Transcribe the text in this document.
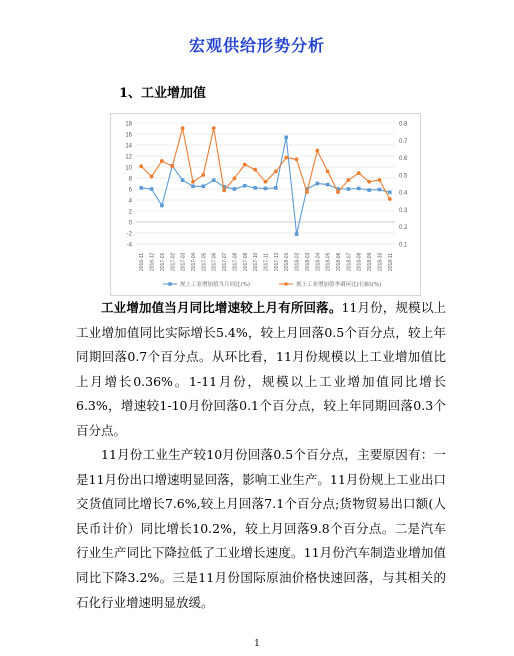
宏观供给形势分析
1、工业增加值
18
16
14
12
10
8
6
4
2
0
-2
-4
0.8
0.7
0.6
0.5
0.4
0.3
0.2
0.1
2016-11 2016-12 2017-01 2017-02 2017-03 2017-04 2017-05 2017-06 2017-07 2017-08 2017-09 2017-10 2017-11 2017-12 2018-01 2018-02 2018-03 2018-04 2018-05 2018-06 2018-07 2018-08 2018-09 2018-10 2018-11
规上工业增加值当月同比(%)	规上工业增加值季调环比(右轴)(%)

工业增加值当月同比增速较上月有所回落。11月份，规模以上工业增加值同比实际增长5.4%，较上月回落0.5个百分点，较上年同期回落0.7个百分点。从环比看，11月份规模以上工业增加值比上月增长0.36%。1-11月份，规模以上工业增加值同比增长6.3%，增速较1-10月份回落0.1个百分点，较上年同期回落0.3个百分点。

11月份工业生产较10月份回落0.5个百分点，主要原因有：一是11月份出口增速明显回落，影响工业生产。11月份规上工业出口交货值同比增长7.6%,较上月回落7.1个百分点;货物贸易出口额(人民币计价）同比增长10.2%，较上月回落9.8个百分点。二是汽车行业生产同比下降拉低了工业增长速度。11月份汽车制造业增加值同比下降3.2%。三是11月份国际原油价格快速回落，与其相关的石化行业增速明显放缓。

1
